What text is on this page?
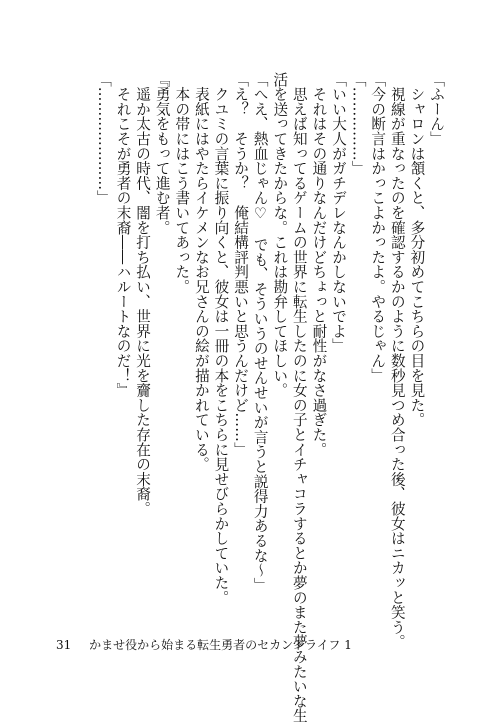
「ふーん」
　シャロンは頷くと、多分初めてこちらの目を見た。
　視線が重なったのを確認するかのように数秒見つめ合った後、彼女はニカッと笑う。
「今の断言はかっこよかったよ。やるじゃん」
「……………」
「いい大人がガチデレなんかしないでよ」
　それはその通りなんだけどちょっと耐性がなさ過ぎた。
　思えば知ってるゲームの世界に転生したのに女の子とイチャコラするとか夢のまた夢みたいな生
活を送ってきたからな。これは勘弁してほしい。
「へえ、熱血じゃん♡　でも、そういうのせんせいが言うと説得力あるな〜」
「え？　そうか？　俺結構評判悪いと思うんだけど……」
　クユミの言葉に振り向くと、彼女は一冊の本をこちらに見せびらかしていた。
　表紙にはやたらイケメンなお兄さんの絵が描かれている。
　本の帯にはこう書いてあった。
『勇気をもって進む者。
　遥か太古の時代、闇を打ち払い、世界に光を齎した存在の末裔。
　それこそが勇者の末裔――ハルートなのだ！』
「…………………」
31 かませ役から始まる転生勇者のセカンドライフ 1
